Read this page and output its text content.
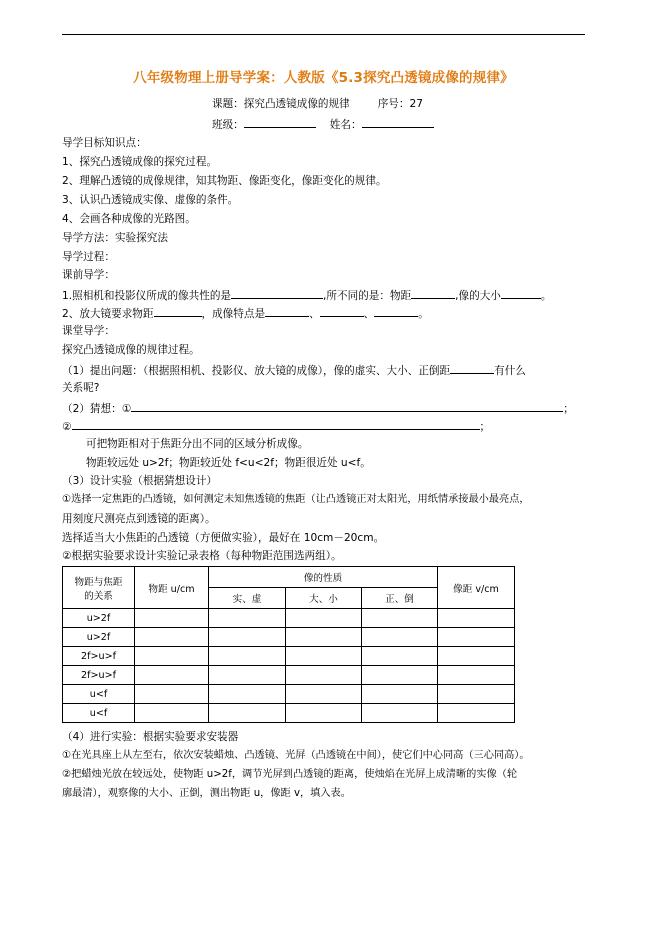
八年级物理上册导学案：人教版《5.3探究凸透镜成像的规律》
课题：探究凸透镜成像的规律	序号：27
班级：	姓名：
导学目标知识点：
1、探究凸透镜成像的探究过程。
2、理解凸透镜的成像规律，知其物距、像距变化，像距变化的规律。
3、认识凸透镜成实像、虚像的条件。
4、会画各种成像的光路图。
导学方法：实验探究法
导学过程：
课前导学：
1.照相机和投影仪所成的像共性的是	,所不同的是：物距	,像的大小	。
2、放大镜要求物距	，成像特点是	、	、	。
课堂导学：
探究凸透镜成像的规律过程。
（1）提出问题：（根据照相机、投影仪、放大镜的成像），像的虚实、大小、正倒距	有什么
关系呢?
（2）猜想：①	；
②	；
可把物距相对于焦距分出不同的区域分析成像。
物距较远处 u>2f；物距较近处 f<u<2f；物距很近处 u<f。
（3）设计实验（根据猜想设计）
①选择一定焦距的凸透镜，如何测定未知焦透镜的焦距（让凸透镜正对太阳光，用纸情承接最小最亮点，
用刻度尺测亮点到透镜的距离）。
选择适当大小焦距的凸透镜（方便做实验），最好在 10cm－20cm。
②根据实验要求设计实验记录表格（每种物距范围选两组）。
物距与焦距
的关系	物距 u/cm	像的性质			像距 v/cm
		实、虚	大、小	正、倒	
u>2f					
u>2f					
2f>u>f					
2f>u>f					
u<f					
u<f					
（4）进行实验：根据实验要求安装器
①在光具座上从左至右，依次安装蜡烛、凸透镜、光屏（凸透镜在中间），使它们中心同高（三心同高）。
②把蜡烛光放在较远处，使物距 u>2f，调节光屏到凸透镜的距离，使烛焰在光屏上成清晰的实像（轮
廓最清），观察像的大小、正倒，测出物距 u，像距 v，填入表。
